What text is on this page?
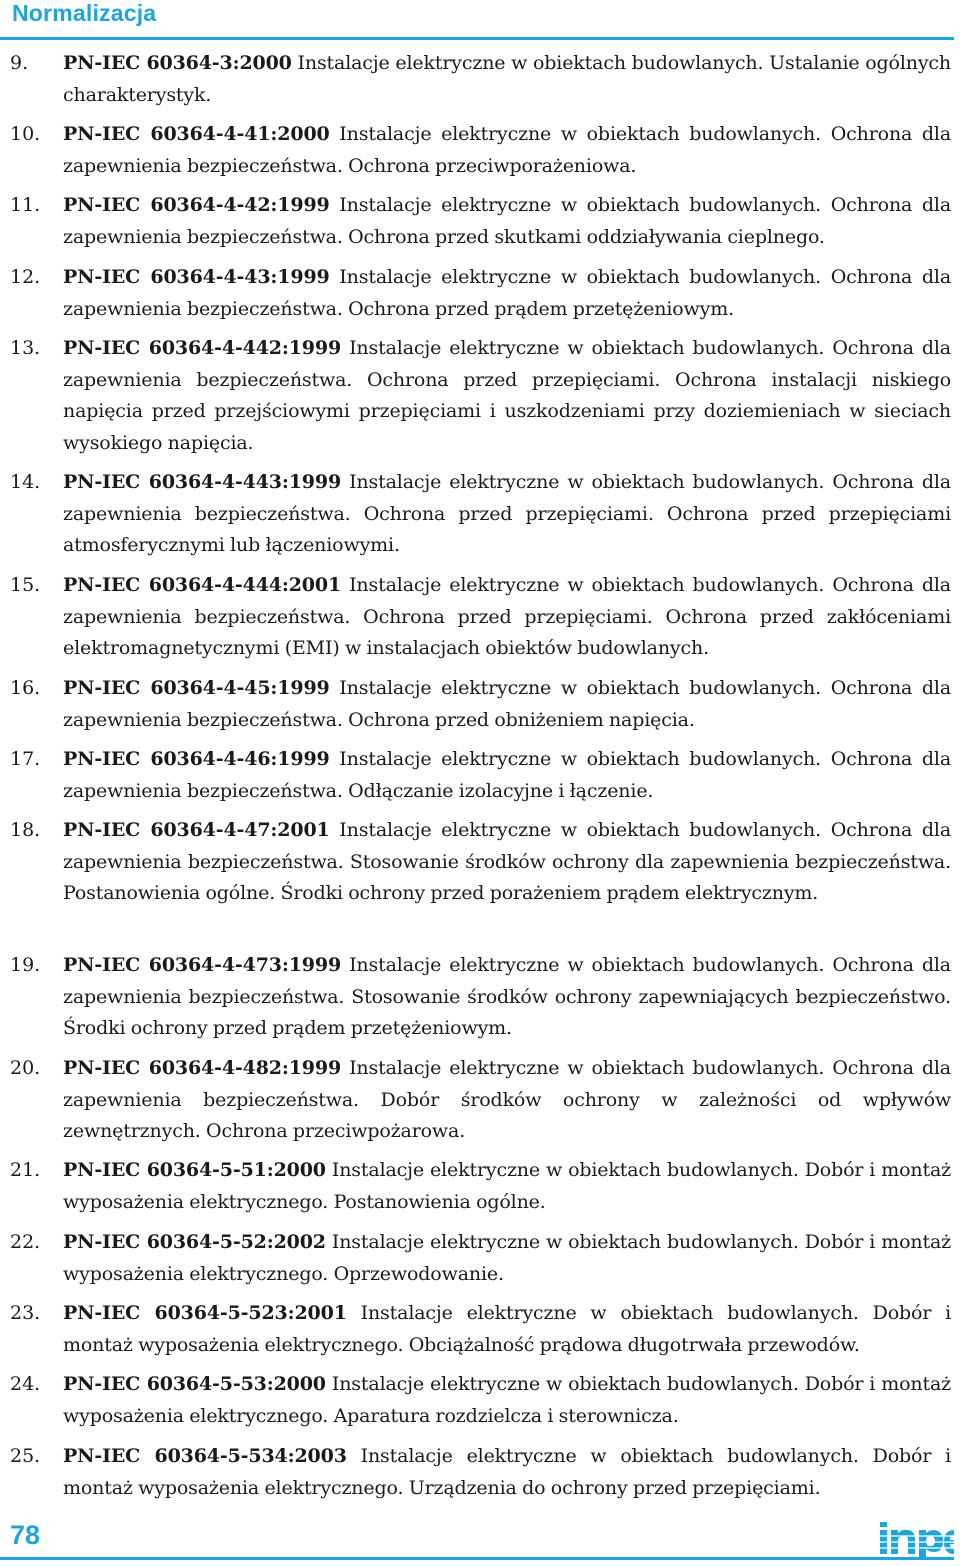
Normalizacja
9.	PN-IEC 60364-3:2000 Instalacje elektryczne w obiektach budowlanych. Ustalanie ogólnych charakterystyk.
10.	PN-IEC 60364-4-41:2000 Instalacje elektryczne w obiektach budowlanych. Ochrona dla zapewnienia bezpieczeństwa. Ochrona przeciwporażeniowa.
11.	PN-IEC 60364-4-42:1999 Instalacje elektryczne w obiektach budowlanych. Ochrona dla zapewnienia bezpieczeństwa. Ochrona przed skutkami oddziaływania cieplnego.
12.	PN-IEC 60364-4-43:1999 Instalacje elektryczne w obiektach budowlanych. Ochrona dla zapewnienia bezpieczeństwa. Ochrona przed prądem przetężeniowym.
13.	PN-IEC 60364-4-442:1999 Instalacje elektryczne w obiektach budowlanych. Ochrona dla zapewnienia bezpieczeństwa. Ochrona przed przepięciami. Ochrona instalacji niskiego napięcia przed przejściowymi przepięciami i uszkodzeniami przy doziemieniach w sieciach wysokiego napięcia.
14.	PN-IEC 60364-4-443:1999 Instalacje elektryczne w obiektach budowlanych. Ochrona dla zapewnienia bezpieczeństwa. Ochrona przed przepięciami. Ochrona przed przepięciami atmosferycznymi lub łączeniowymi.
15.	PN-IEC 60364-4-444:2001 Instalacje elektryczne w obiektach budowlanych. Ochrona dla zapewnienia bezpieczeństwa. Ochrona przed przepięciami. Ochrona przed zakłóceniami elektromagnetycznymi (EMI) w instalacjach obiektów budowlanych.
16.	PN-IEC 60364-4-45:1999 Instalacje elektryczne w obiektach budowlanych. Ochrona dla zapewnienia bezpieczeństwa. Ochrona przed obniżeniem napięcia.
17.	PN-IEC 60364-4-46:1999 Instalacje elektryczne w obiektach budowlanych. Ochrona dla zapewnienia bezpieczeństwa. Odłączanie izolacyjne i łączenie.
18.	PN-IEC 60364-4-47:2001 Instalacje elektryczne w obiektach budowlanych. Ochrona dla zapewnienia bezpieczeństwa. Stosowanie środków ochrony dla zapewnienia bezpieczeństwa. Postanowienia ogólne. Środki ochrony przed porażeniem prądem elektrycznym.
19.	PN-IEC 60364-4-473:1999 Instalacje elektryczne w obiektach budowlanych. Ochrona dla zapewnienia bezpieczeństwa. Stosowanie środków ochrony zapewniających bezpieczeństwo. Środki ochrony przed prądem przetężeniowym.
20.	PN-IEC 60364-4-482:1999 Instalacje elektryczne w obiektach budowlanych. Ochrona dla zapewnienia bezpieczeństwa. Dobór środków ochrony w zależności od wpływów zewnętrznych. Ochrona przeciwpożarowa.
21.	PN-IEC 60364-5-51:2000 Instalacje elektryczne w obiektach budowlanych. Dobór i montaż wyposażenia elektrycznego. Postanowienia ogólne.
22.	PN-IEC 60364-5-52:2002 Instalacje elektryczne w obiektach budowlanych. Dobór i montaż wyposażenia elektrycznego. Oprzewodowanie.
23.	PN-IEC 60364-5-523:2001 Instalacje elektryczne w obiektach budowlanych. Dobór i montaż wyposażenia elektrycznego. Obciążalność prądowa długotrwała przewodów.
24.	PN-IEC 60364-5-53:2000 Instalacje elektryczne w obiektach budowlanych. Dobór i montaż wyposażenia elektrycznego. Aparatura rozdzielcza i sterownicza.
25.	PN-IEC 60364-5-534:2003 Instalacje elektryczne w obiektach budowlanych. Dobór i montaż wyposażenia elektrycznego. Urządzenia do ochrony przed przepięciami.
78
